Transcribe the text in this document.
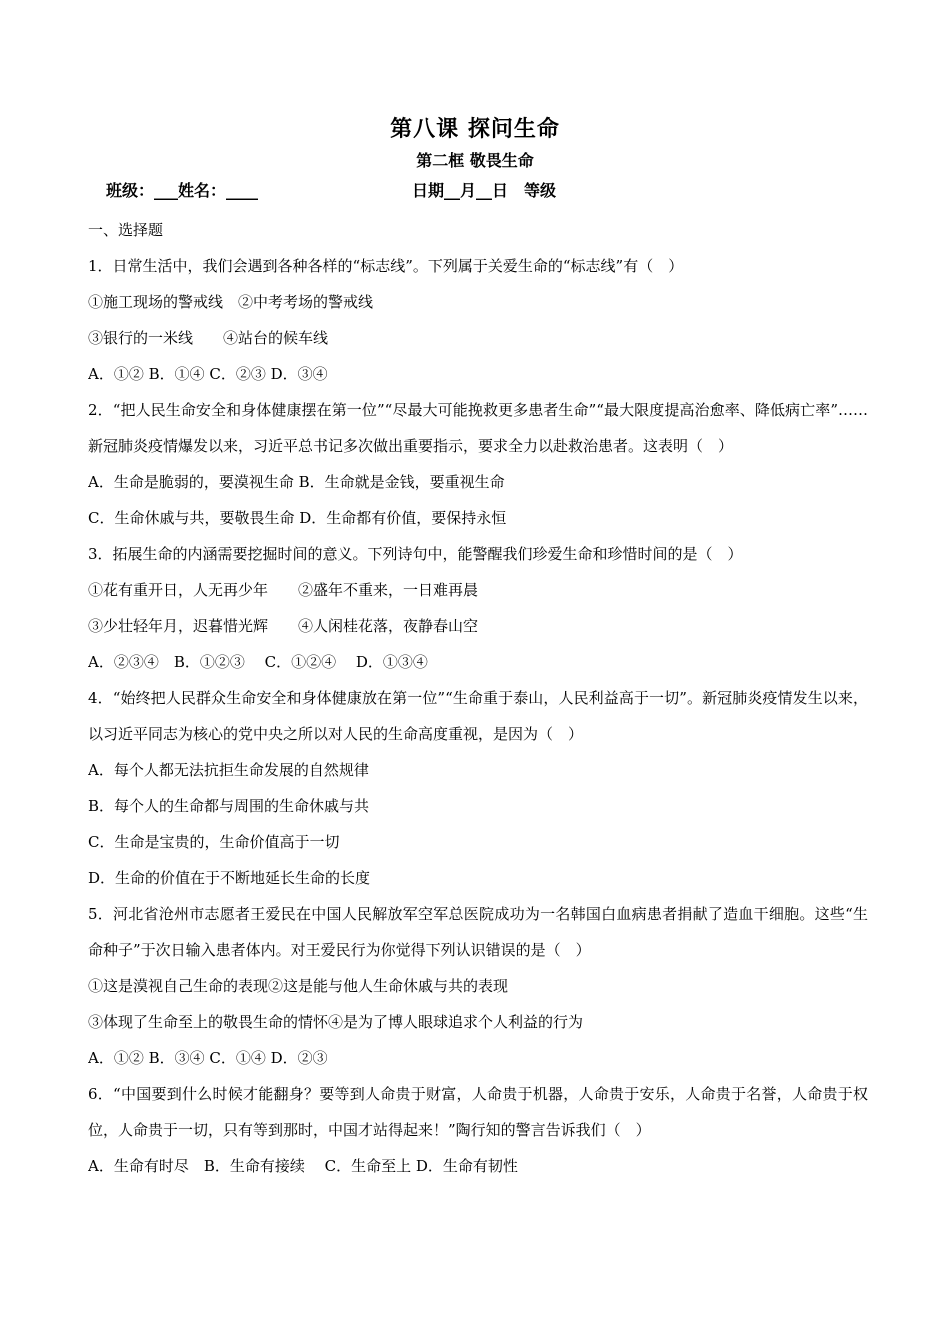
第八课 探问生命
第二框 敬畏生命
班级：___姓名：____	日期__月__日　等级
一、选择题
1．日常生活中，我们会遇到各种各样的“标志线”。下列属于关爱生命的“标志线”有（　）
①施工现场的警戒线　②中考考场的警戒线
③银行的一米线　　④站台的候车线
A．①② B．①④ C．②③ D．③④
2．“把人民生命安全和身体健康摆在第一位”“尽最大可能挽救更多患者生命”“最大限度提高治愈率、降低病亡率”……新冠肺炎疫情爆发以来，习近平总书记多次做出重要指示，要求全力以赴救治患者。这表明（　）
A．生命是脆弱的，要漠视生命 B．生命就是金钱，要重视生命
C．生命休戚与共，要敬畏生命 D．生命都有价值，要保持永恒
3．拓展生命的内涵需要挖掘时间的意义。下列诗句中，能警醒我们珍爱生命和珍惜时间的是（　）
①花有重开日，人无再少年　　②盛年不重来，一日难再晨
③少壮轻年月，迟暮惜光辉　　④人闲桂花落，夜静春山空
A．②③④　B．①②③　 C．①②④　 D．①③④
4．“始终把人民群众生命安全和身体健康放在第一位”“生命重于泰山，人民利益高于一切”。新冠肺炎疫情发生以来，以习近平同志为核心的党中央之所以对人民的生命高度重视，是因为（　）
A．每个人都无法抗拒生命发展的自然规律
B．每个人的生命都与周围的生命休戚与共
C．生命是宝贵的，生命价值高于一切
D．生命的价值在于不断地延长生命的长度
5．河北省沧州市志愿者王爱民在中国人民解放军空军总医院成功为一名韩国白血病患者捐献了造血干细胞。这些“生命种子”于次日输入患者体内。对王爱民行为你觉得下列认识错误的是（　）
①这是漠视自己生命的表现②这是能与他人生命休戚与共的表现
③体现了生命至上的敬畏生命的情怀④是为了博人眼球追求个人利益的行为
A．①② B．③④ C．①④ D．②③
6．“中国要到什么时候才能翻身？要等到人命贵于财富，人命贵于机器，人命贵于安乐，人命贵于名誉，人命贵于权位，人命贵于一切，只有等到那时，中国才站得起来！”陶行知的警言告诉我们（　）
A．生命有时尽　B．生命有接续　 C．生命至上 D．生命有韧性
